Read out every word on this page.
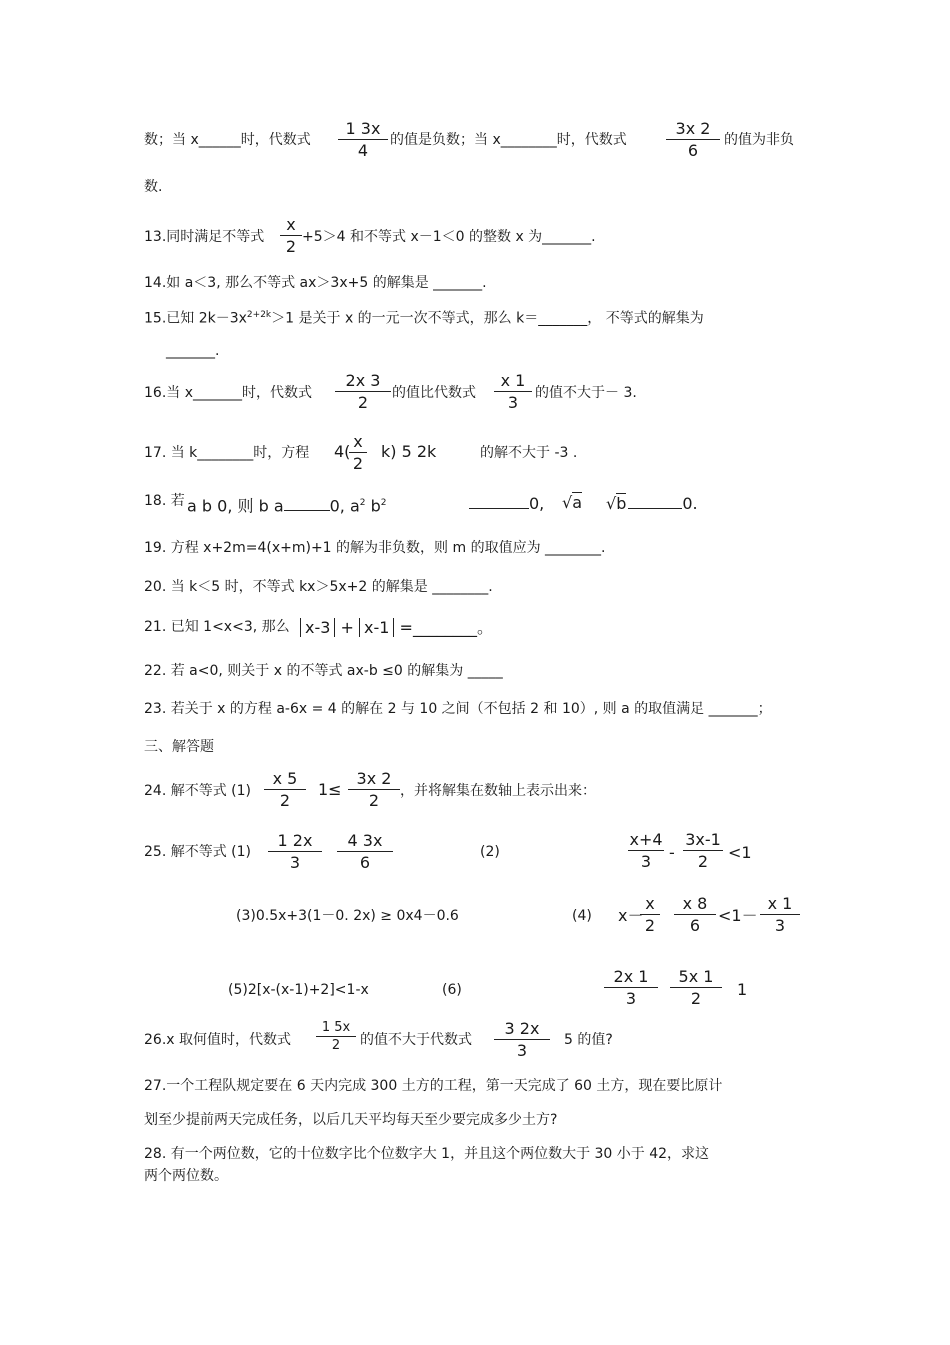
数；当 x______时，代数式
1 3x
4
的值是负数；当 x________时，代数式
3x 2
6
的值为非负
数.
13.同时满足不等式
x
2 +5＞4 和不等式 x－1＜0 的整数 x 为_______.
14.如 a＜3, 那么不等式 ax＞3x+5 的解集是 _______.
15.已知 $2k-3x^{2+2k}>1$ 是关于 x 的一元一次不等式，那么 k＝_______， 不等式的解集为
_______.
16.当 x_______时，代数式
2x 3
2	的值比代数式
x 1
3	的值不大于－ 3.
17. 当 k________时，方程 4(
x
2
k) 5 2k	的解不大于 -3 .
18. 若 a b 0, 则 b a	0, $a^2$ $b^2$	0, √a √b	0.
19. 方程 x+2m=4(x+m)+1 的解为非负数，则 m 的取值应为 ________.
20. 当 k＜5 时，不等式 kx＞5x+2 的解集是 ________.
21. 已知 1<x<3, 那么 x-3 + x-1 =________。
22. 若 a<0, 则关于 x 的不等式 ax-b ≤0 的解集为 _____
23. 若关于 x 的方程 a-6x = 4 的解在 2 与 10 之间（不包括 2 和 10）, 则 a 的取值满足 _______；
三、解答题
24. 解不等式 (1)
x 5
2
1≤
3x 2
2	，并将解集在数轴上表示出来：
25. 解不等式 (1)
1 2x
3
4 3x
6
(2)
x+4
3	-
3x-1
2	<1
(3)0.5x+3(1－0. 2x) ≥ 0x4－0.6	(4) x－
x
2
x 8
6
<1－
x 1
3
(5)2[x-(x-1)+2]<1-x	(6)
2x 1
3
5x 1
2	1
26.x 取何值时，代数式
1 5x
2	的值不大于代数式
3 2x
3
5 的值?
27.一个工程队规定要在 6 天内完成 300 土方的工程，第一天完成了 60 土方，现在要比原计
划至少提前两天完成任务，以后几天平均每天至少要完成多少土方?
28. 有一个两位数，它的十位数字比个位数字大 1，并且这个两位数大于 30 小于 42，求这
两个两位数。
